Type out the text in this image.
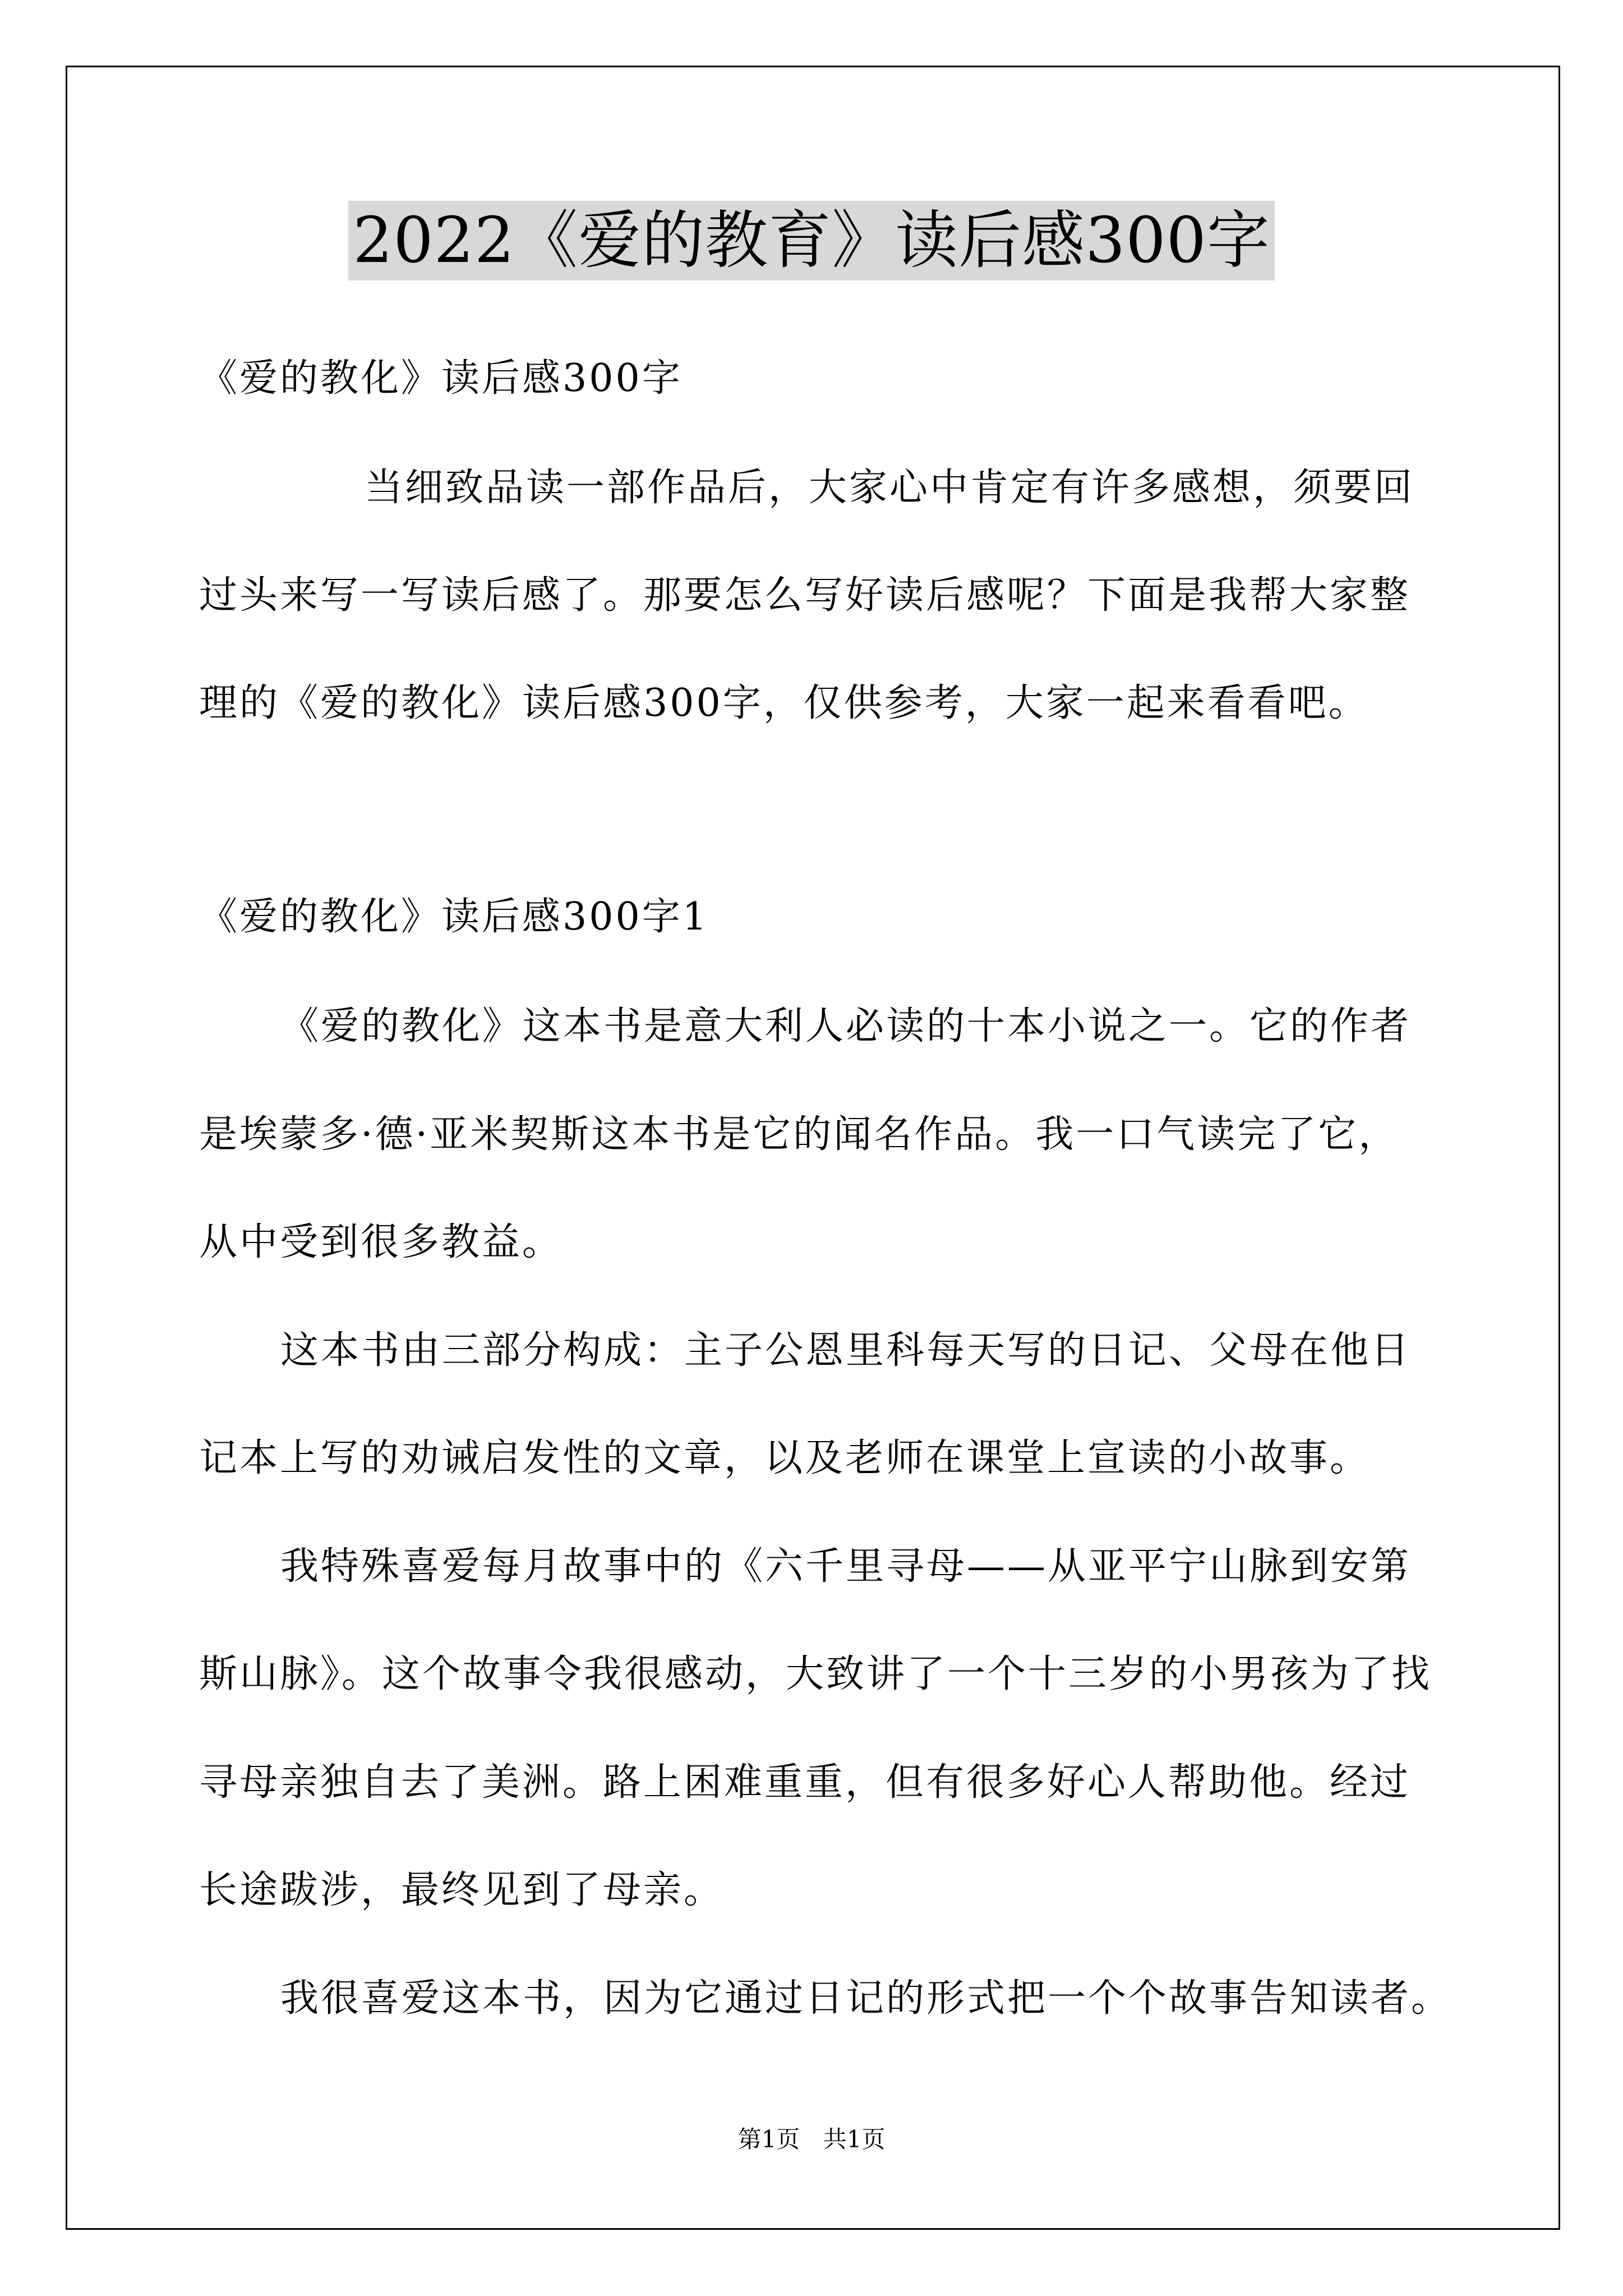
2022《爱的教育》读后感300字
《爱的教化》读后感300字
当细致品读一部作品后，大家心中肯定有许多感想，须要回
过头来写一写读后感了。那要怎么写好读后感呢？下面是我帮大家整
理的《爱的教化》读后感300字，仅供参考，大家一起来看看吧。
《爱的教化》读后感300字1
《爱的教化》这本书是意大利人必读的十本小说之一。它的作者
是埃蒙多·德·亚米契斯这本书是它的闻名作品。我一口气读完了它，
从中受到很多教益。
这本书由三部分构成：主子公恩里科每天写的日记、父母在他日
记本上写的劝诫启发性的文章，以及老师在课堂上宣读的小故事。
我特殊喜爱每月故事中的《六千里寻母——从亚平宁山脉到安第
斯山脉》。这个故事令我很感动，大致讲了一个十三岁的小男孩为了找
寻母亲独自去了美洲。路上困难重重，但有很多好心人帮助他。经过
长途跋涉，最终见到了母亲。
我很喜爱这本书，因为它通过日记的形式把一个个故事告知读者。
第1页 共1页
